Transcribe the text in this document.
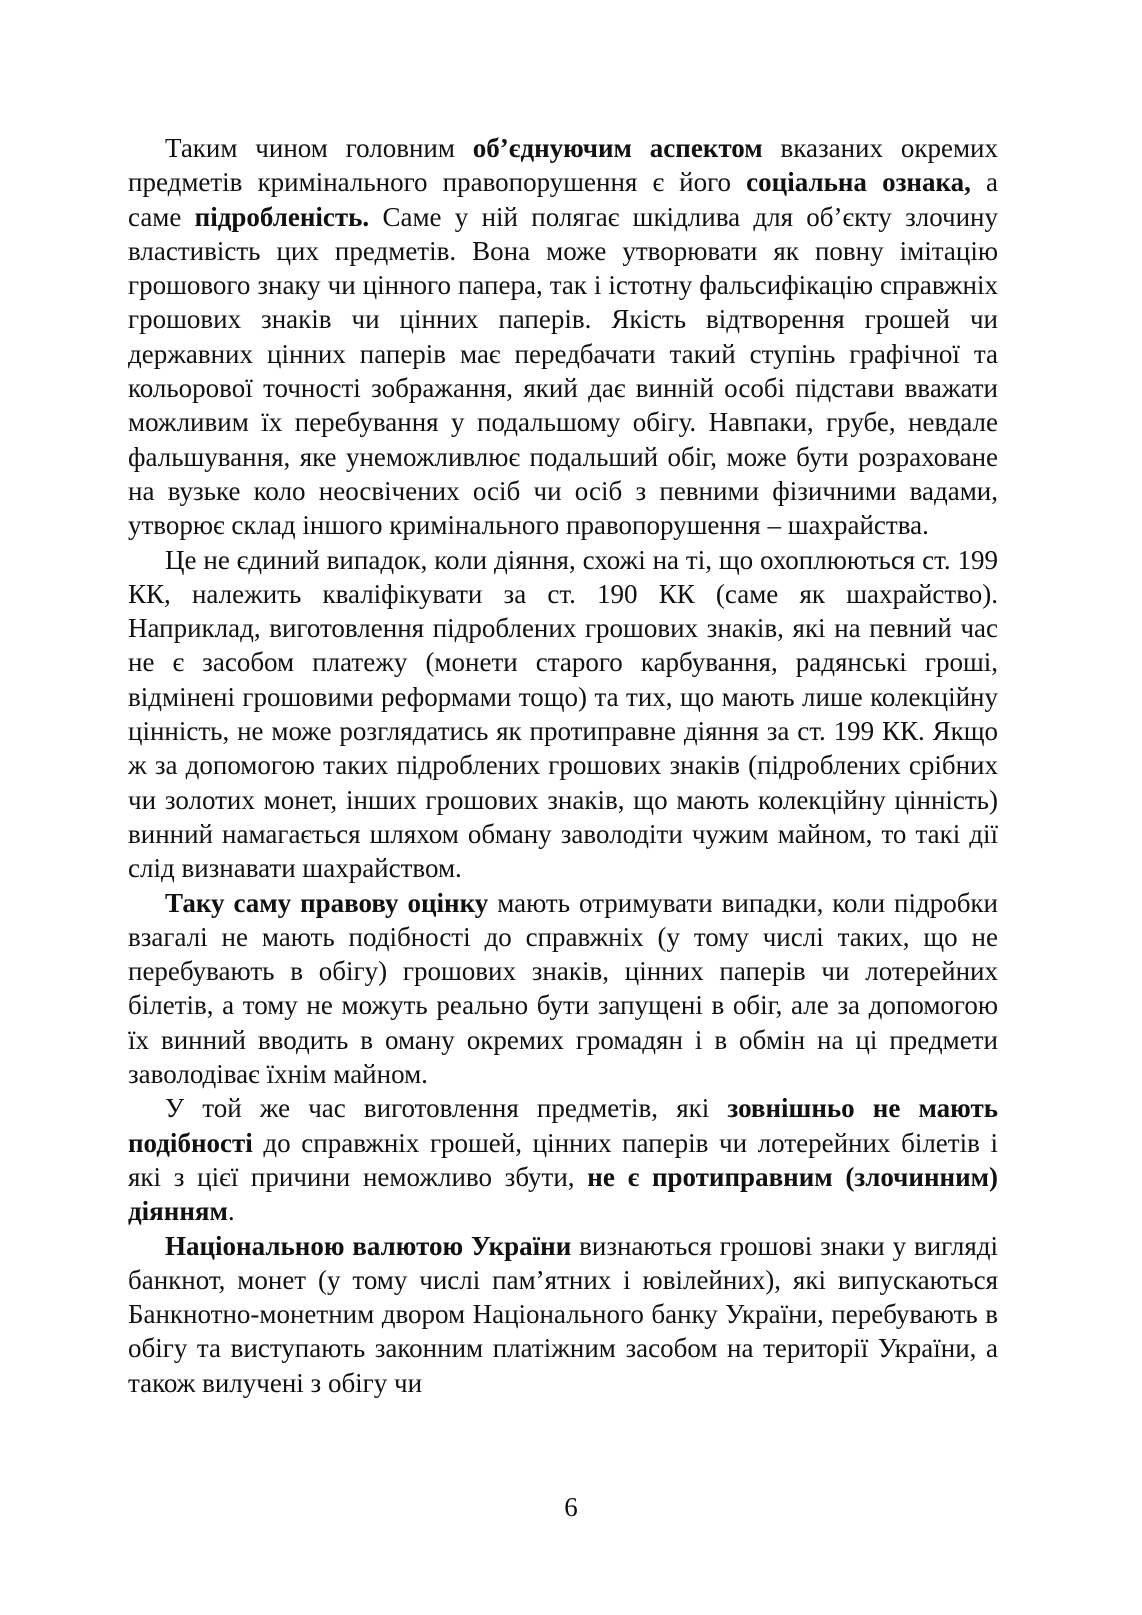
Таким чином головним об’єднуючим аспектом вказаних окремих предметів кримінального правопорушення є його соціальна ознака, а саме підробленість. Саме у ній полягає шкідлива для об’єкту злочину властивість цих предметів. Вона може утворювати як повну імітацію грошового знаку чи цінного папера, так і істотну фальсифікацію справжніх грошових знаків чи цінних паперів. Якість відтворення грошей чи державних цінних паперів має передбачати такий ступінь графічної та кольорової точності зображання, який дає винній особі підстави вважати можливим їх перебування у подальшому обігу. Навпаки, грубе, невдале фальшування, яке унеможливлює подальший обіг, може бути розраховане на вузьке коло неосвічених осіб чи осіб з певними фізичними вадами, утворює склад іншого кримінального правопорушення – шахрайства.

Це не єдиний випадок, коли діяння, схожі на ті, що охоплюються ст. 199 КК, належить кваліфікувати за ст. 190 КК (саме як шахрайство). Наприклад, виготовлення підроблених грошових знаків, які на певний час не є засобом платежу (монети старого карбування, радянські гроші, відмінені грошовими реформами тощо) та тих, що мають лише колекційну цінність, не може розглядатись як протиправне діяння за ст. 199 КК. Якщо ж за допомогою таких підроблених грошових знаків (підроблених срібних чи золотих монет, інших грошових знаків, що мають колекційну цінність) винний намагається шляхом обману заволодіти чужим майном, то такі дії слід визнавати шахрайством.

Таку саму правову оцінку мають отримувати випадки, коли підробки взагалі не мають подібності до справжніх (у тому числі таких, що не перебувають в обігу) грошових знаків, цінних паперів чи лотерейних білетів, а тому не можуть реально бути запущені в обіг, але за допомогою їх винний вводить в оману окремих громадян і в обмін на ці предмети заволодіває їхнім майном.

У той же час виготовлення предметів, які зовнішньо не мають подібності до справжніх грошей, цінних паперів чи лотерейних білетів і які з цієї причини неможливо збути, не є протиправним (злочинним) діянням.

Національною валютою України визнаються грошові знаки у вигляді банкнот, монет (у тому числі пам’ятних і ювілейних), які випускаються Банкнотно-монетним двором Національного банку України, перебувають в обігу та виступають законним платіжним засобом на території України, а також вилучені з обігу чи

6
